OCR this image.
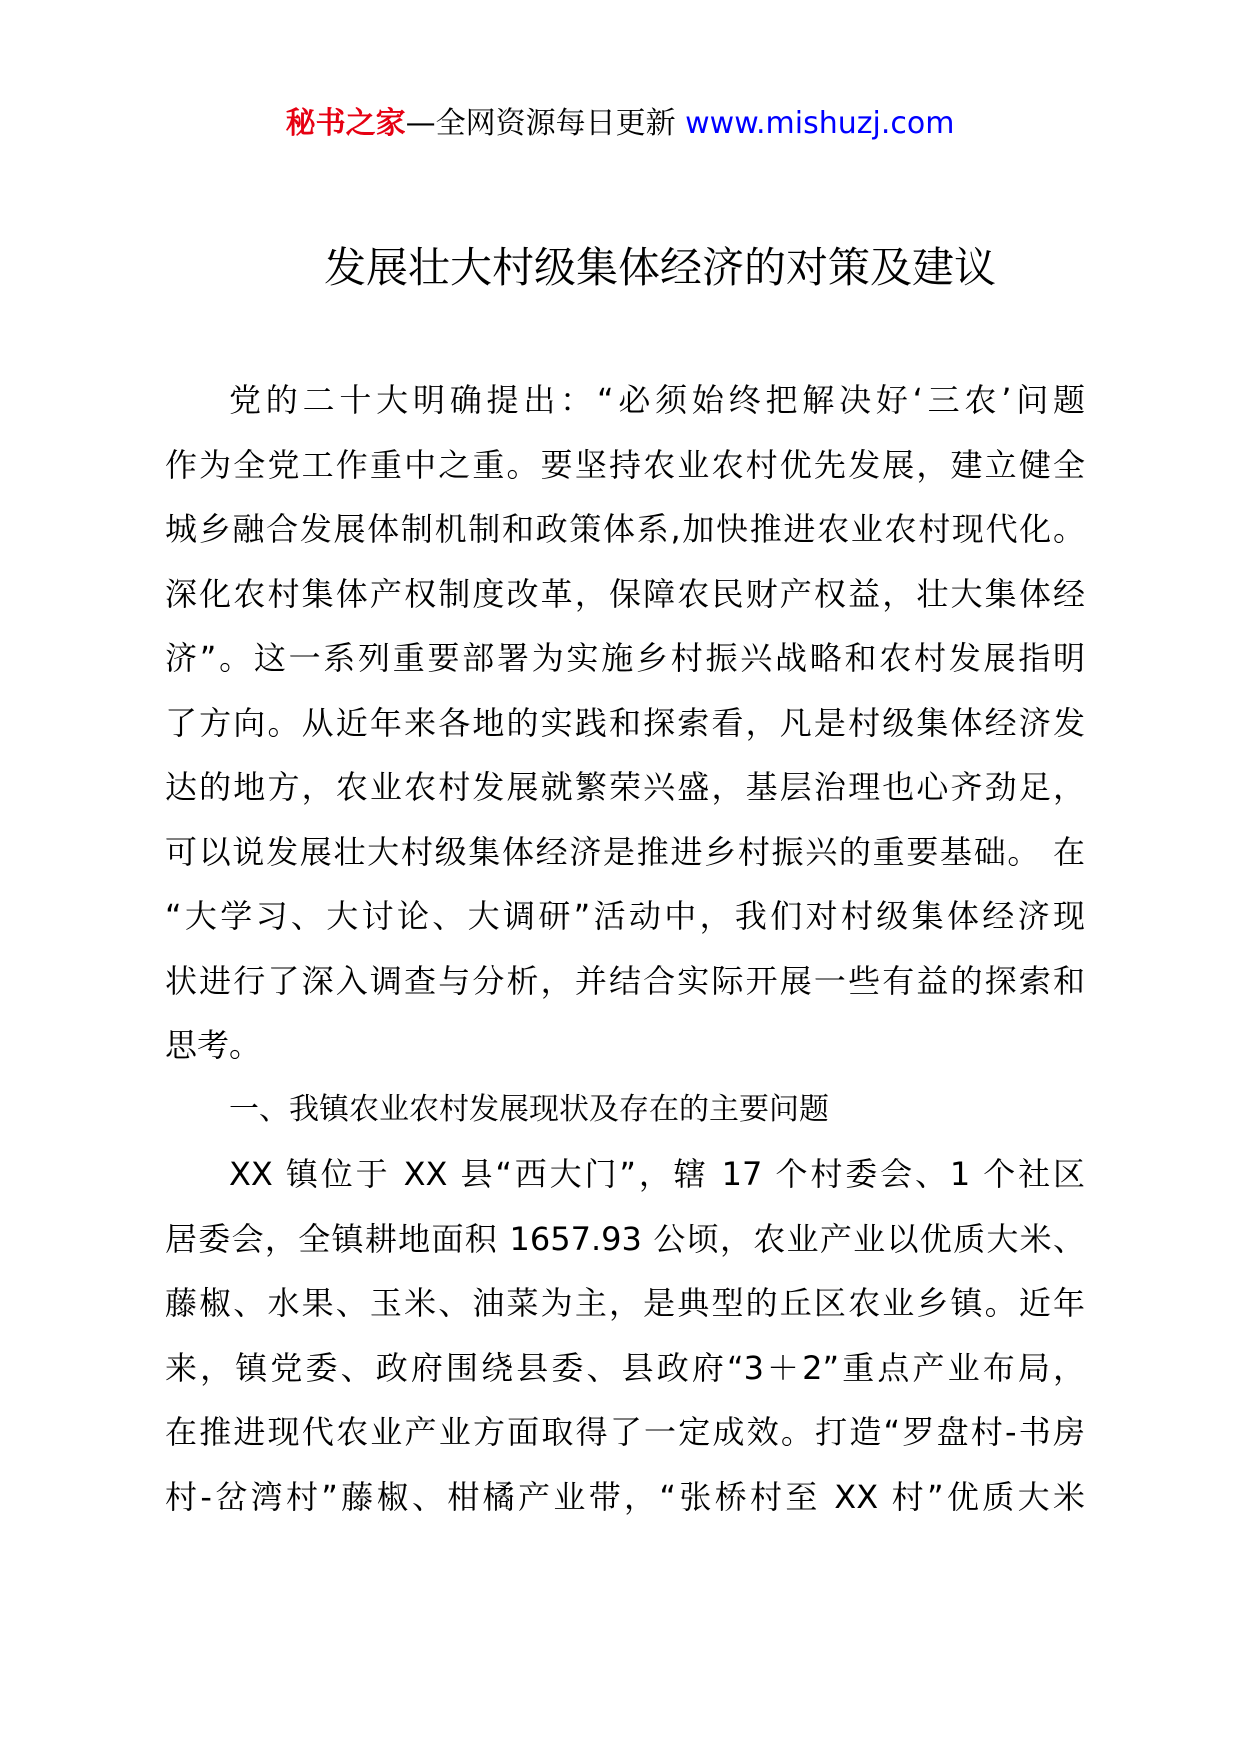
秘书之家—全网资源每日更新 www.mishuzj.com
发展壮大村级集体经济的对策及建议
党的二十大明确提出：“必须始终把解决好‘三农’问题
作为全党工作重中之重。要坚持农业农村优先发展，建立健全
城乡融合发展体制机制和政策体系,加快推进农业农村现代化。
深化农村集体产权制度改革，保障农民财产权益，壮大集体经
济”。这一系列重要部署为实施乡村振兴战略和农村发展指明
了方向。从近年来各地的实践和探索看，凡是村级集体经济发
达的地方，农业农村发展就繁荣兴盛，基层治理也心齐劲足，
可以说发展壮大村级集体经济是推进乡村振兴的重要基础。 在
“大学习、大讨论、大调研”活动中，我们对村级集体经济现
状进行了深入调查与分析，并结合实际开展一些有益的探索和
思考。
一、我镇农业农村发展现状及存在的主要问题
XX 镇位于 XX 县“西大门”，辖 17 个村委会、1 个社区
居委会，全镇耕地面积 1657.93 公顷，农业产业以优质大米、
藤椒、水果、玉米、油菜为主，是典型的丘区农业乡镇。近年
来，镇党委、政府围绕县委、县政府“3＋2”重点产业布局，
在推进现代农业产业方面取得了一定成效。打造“罗盘村-书房
村-岔湾村”藤椒、柑橘产业带，“张桥村至 XX 村”优质大米
